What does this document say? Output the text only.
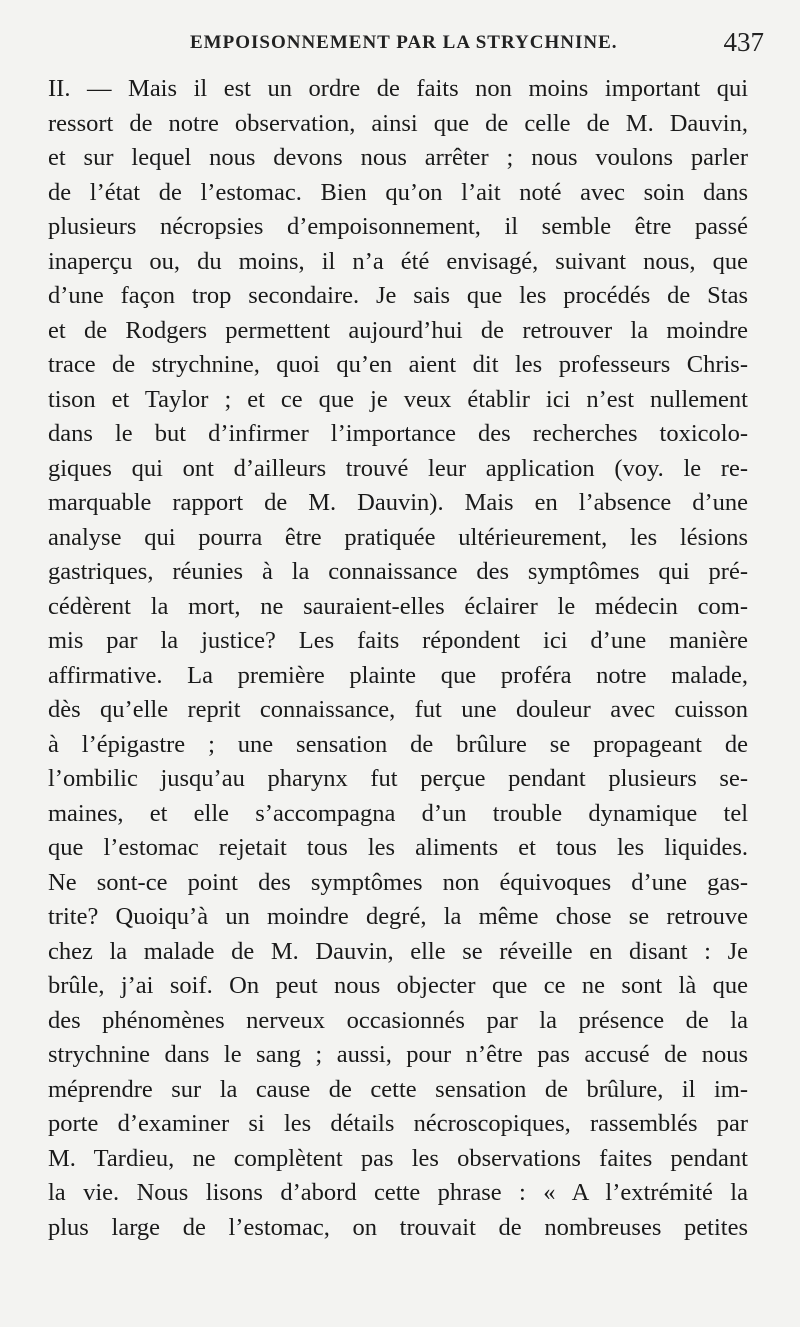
EMPOISONNEMENT PAR LA STRYCHNINE.	437
II. — Mais il est un ordre de faits non moins important qui
ressort de notre observation, ainsi que de celle de M. Dauvin,
et sur lequel nous devons nous arrêter ; nous voulons parler
de l’état de l’estomac. Bien qu’on l’ait noté avec soin dans
plusieurs nécropsies d’empoisonnement, il semble être passé
inaperçu ou, du moins, il n’a été envisagé, suivant nous, que
d’une façon trop secondaire. Je sais que les procédés de Stas
et de Rodgers permettent aujourd’hui de retrouver la moindre
trace de strychnine, quoi qu’en aient dit les professeurs Chris-
tison et Taylor ; et ce que je veux établir ici n’est nullement
dans le but d’infirmer l’importance des recherches toxicolo-
giques qui ont d’ailleurs trouvé leur application (voy. le re-
marquable rapport de M. Dauvin). Mais en l’absence d’une
analyse qui pourra être pratiquée ultérieurement, les lésions
gastriques, réunies à la connaissance des symptômes qui pré-
cédèrent la mort, ne sauraient-elles éclairer le médecin com-
mis par la justice? Les faits répondent ici d’une manière
affirmative. La première plainte que proféra notre malade,
dès qu’elle reprit connaissance, fut une douleur avec cuisson
à l’épigastre ; une sensation de brûlure se propageant de
l’ombilic jusqu’au pharynx fut perçue pendant plusieurs se-
maines, et elle s’accompagna d’un trouble dynamique tel
que l’estomac rejetait tous les aliments et tous les liquides.
Ne sont-ce point des symptômes non équivoques d’une gas-
trite? Quoiqu’à un moindre degré, la même chose se retrouve
chez la malade de M. Dauvin, elle se réveille en disant : Je
brûle, j’ai soif. On peut nous objecter que ce ne sont là que
des phénomènes nerveux occasionnés par la présence de la
strychnine dans le sang ; aussi, pour n’être pas accusé de nous
méprendre sur la cause de cette sensation de brûlure, il im-
porte d’examiner si les détails nécroscopiques, rassemblés par
M. Tardieu, ne complètent pas les observations faites pendant
la vie. Nous lisons d’abord cette phrase : « A l’extrémité la
plus large de l’estomac, on trouvait de nombreuses petites
